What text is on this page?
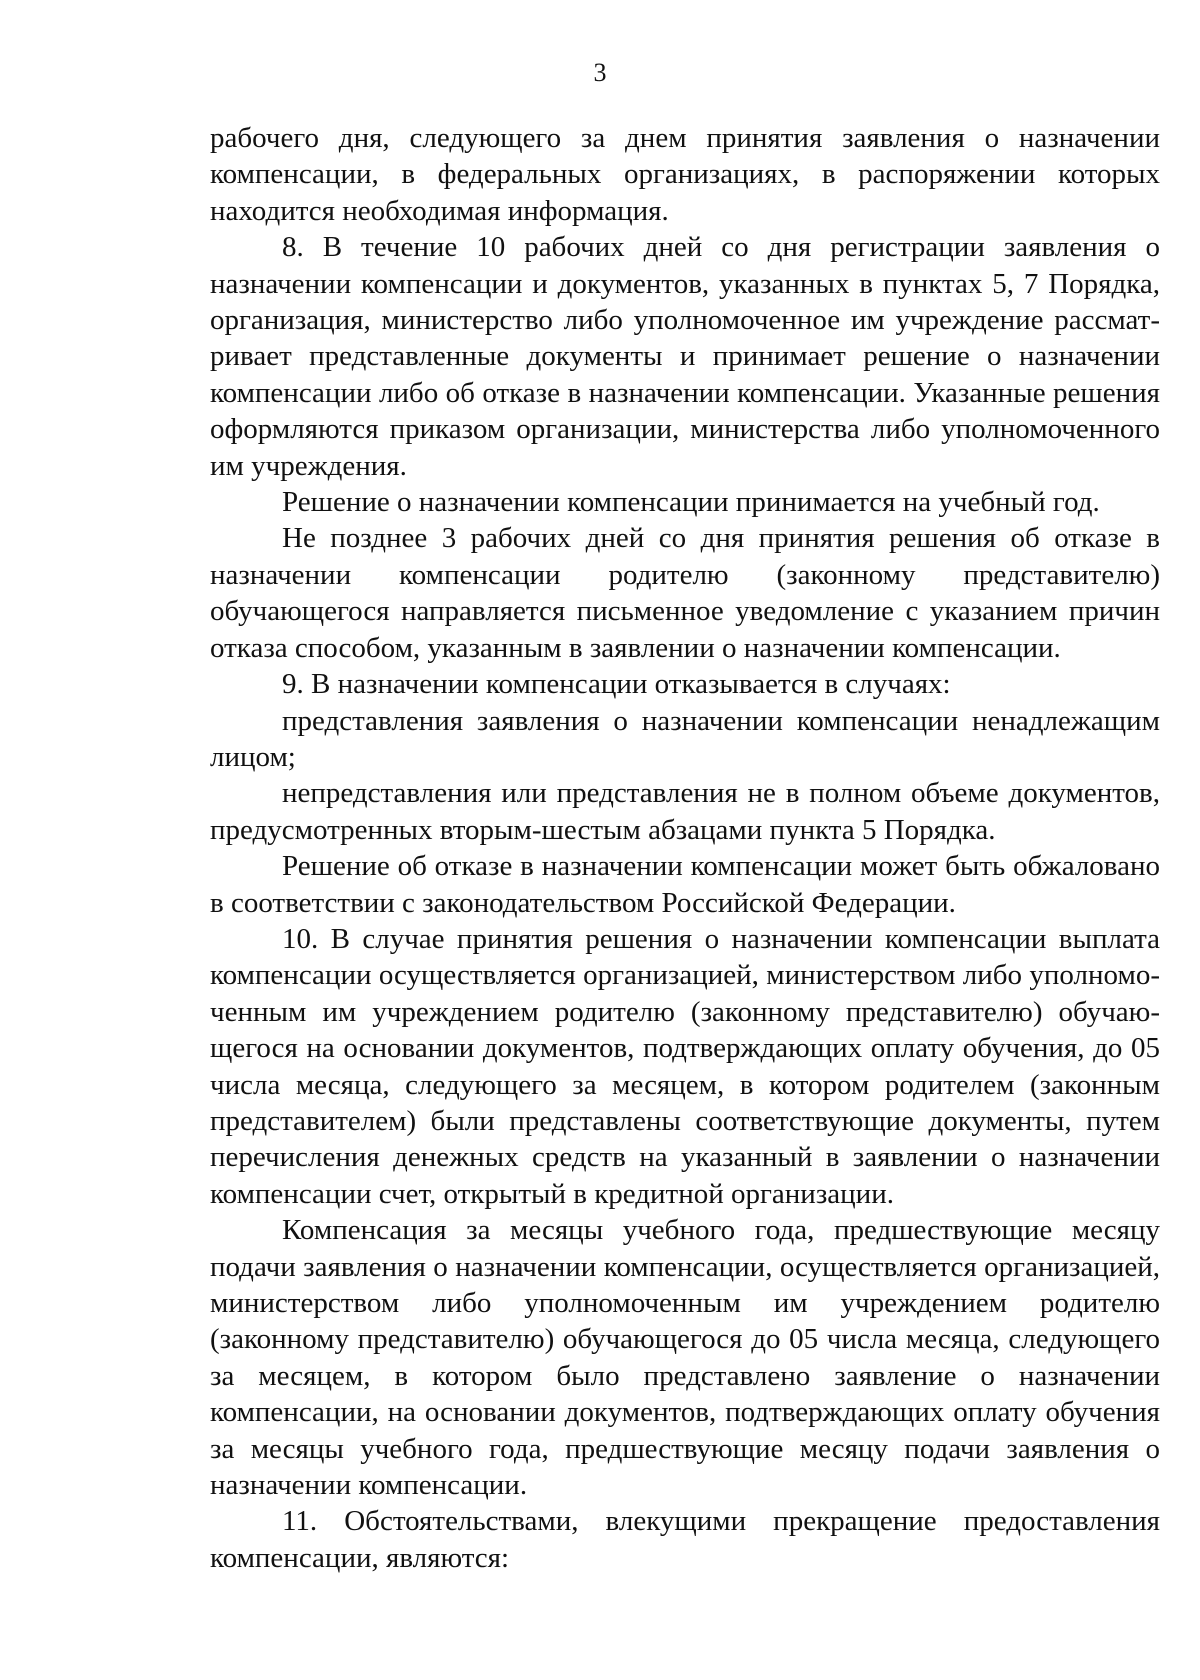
3

рабочего дня, следующего за днем принятия заявления о назначении компенсации, в федеральных организациях, в распоряжении которых находится необходимая информация.

8. В течение 10 рабочих дней со дня регистрации заявления о назначении компенсации и документов, указанных в пунктах 5, 7 Порядка, организация, министерство либо уполномоченное им учреждение рассматривает представленные документы и принимает решение о назначении компенсации либо об отказе в назначении компенсации. Указанные решения оформляются приказом организации, министерства либо уполномоченного им учреждения.

Решение о назначении компенсации принимается на учебный год.

Не позднее 3 рабочих дней со дня принятия решения об отказе в назначении компенсации родителю (законному представителю) обучающегося направляется письменное уведомление с указанием причин отказа способом, указанным в заявлении о назначении компенсации.

9. В назначении компенсации отказывается в случаях:

представления заявления о назначении компенсации ненадлежащим лицом;

непредставления или представления не в полном объеме документов, предусмотренных вторым-шестым абзацами пункта 5 Порядка.

Решение об отказе в назначении компенсации может быть обжаловано в соответствии с законодательством Российской Федерации.

10. В случае принятия решения о назначении компенсации выплата компенсации осуществляется организацией, министерством либо уполномоченным им учреждением родителю (законному представителю) обучающегося на основании документов, подтверждающих оплату обучения, до 05 числа месяца, следующего за месяцем, в котором родителем (законным представителем) были представлены соответствующие документы, путем перечисления денежных средств на указанный в заявлении о назначении компенсации счет, открытый в кредитной организации.

Компенсация за месяцы учебного года, предшествующие месяцу подачи заявления о назначении компенсации, осуществляется организацией, министерством либо уполномоченным им учреждением родителю (законному представителю) обучающегося до 05 числа месяца, следующего за месяцем, в котором было представлено заявление о назначении компенсации, на основании документов, подтверждающих оплату обучения за месяцы учебного года, предшествующие месяцу подачи заявления о назначении компенсации.

11. Обстоятельствами, влекущими прекращение предоставления компенсации, являются:
